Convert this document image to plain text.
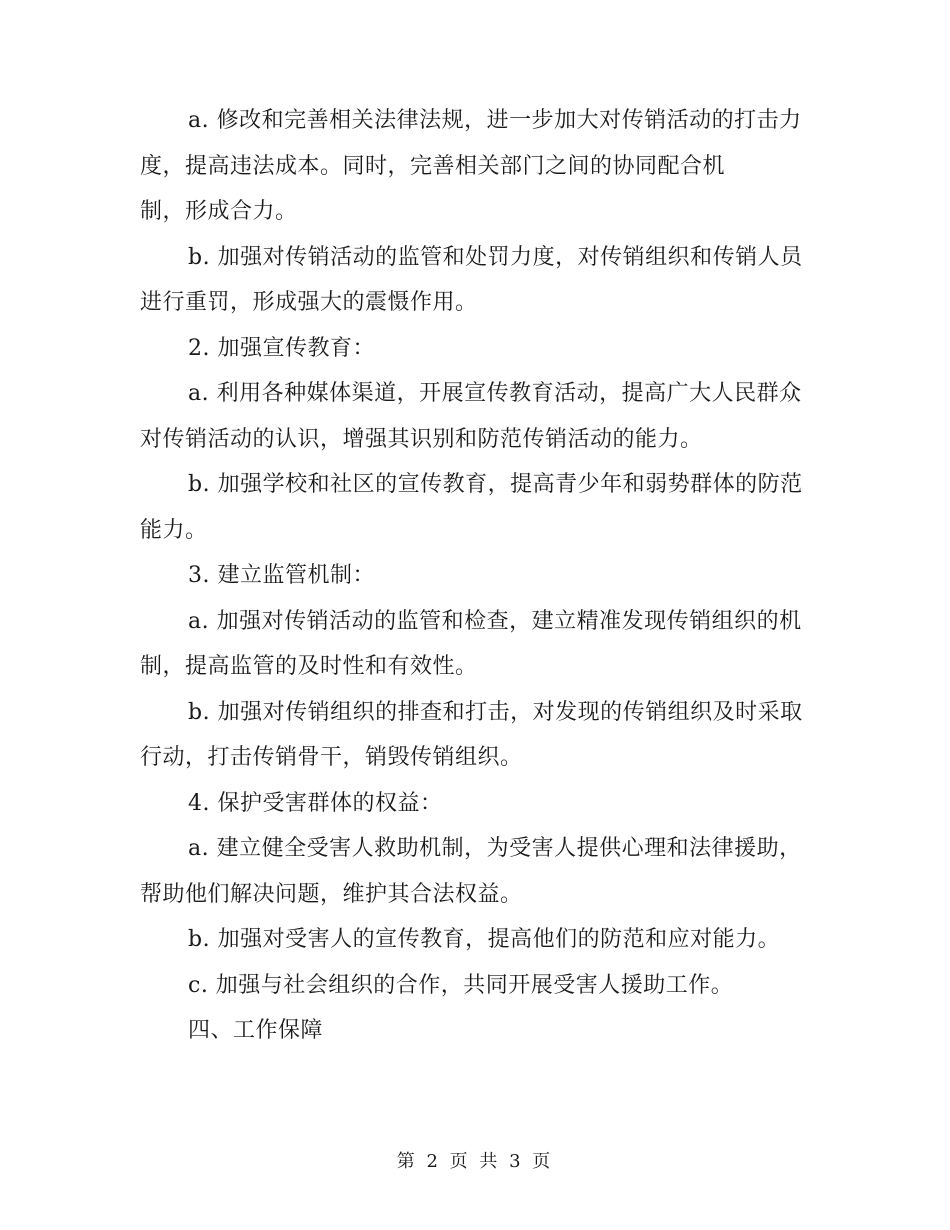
a. 修改和完善相关法律法规，进一步加大对传销活动的打击力度，提高违法成本。同时，完善相关部门之间的协同配合机
制，形成合力。

b. 加强对传销活动的监管和处罚力度，对传销组织和传销人员进行重罚，形成强大的震慑作用。

2. 加强宣传教育：

a. 利用各种媒体渠道，开展宣传教育活动，提高广大人民群众对传销活动的认识，增强其识别和防范传销活动的能力。

b. 加强学校和社区的宣传教育，提高青少年和弱势群体的防范能力。

3. 建立监管机制：

a. 加强对传销活动的监管和检查，建立精准发现传销组织的机制，提高监管的及时性和有效性。

b. 加强对传销组织的排查和打击，对发现的传销组织及时采取行动，打击传销骨干，销毁传销组织。

4. 保护受害群体的权益：

a. 建立健全受害人救助机制，为受害人提供心理和法律援助，帮助他们解决问题，维护其合法权益。

b. 加强对受害人的宣传教育，提高他们的防范和应对能力。

c. 加强与社会组织的合作，共同开展受害人援助工作。

四、工作保障

第 2 页 共 3 页
